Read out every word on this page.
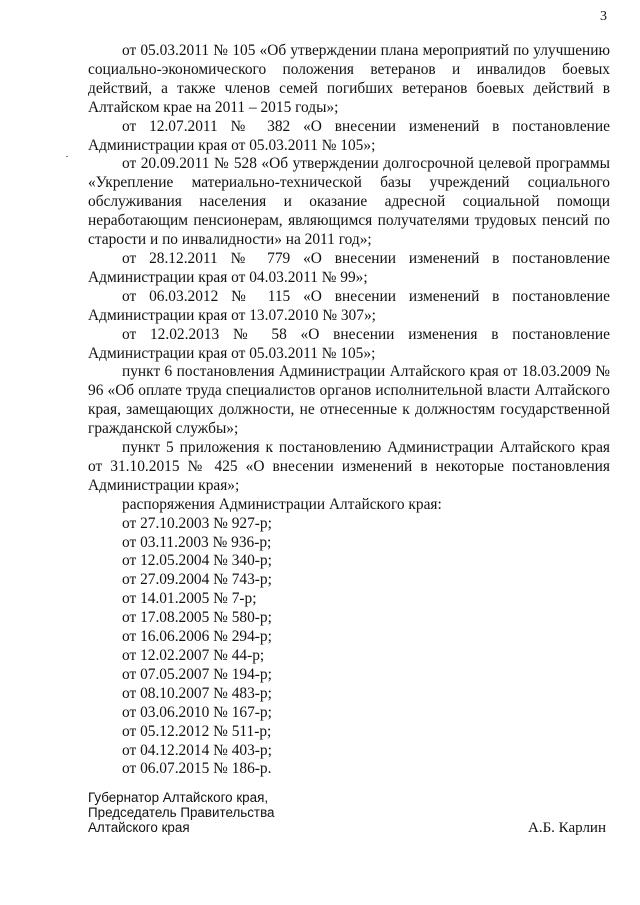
3

от 05.03.2011 № 105 «Об утверждении плана мероприятий по улучшению социально-экономического положения ветеранов и инвалидов боевых действий, а также членов семей погибших ветеранов боевых действий в Алтайском крае на 2011 – 2015 годы»;

от 12.07.2011 № 382 «О внесении изменений в постановление Администрации края от 05.03.2011 № 105»;

от 20.09.2011 № 528 «Об утверждении долгосрочной целевой программы «Укрепление материально-технической базы учреждений социального обслуживания населения и оказание адресной социальной помощи неработающим пенсионерам, являющимся получателями трудовых пенсий по старости и по инвалидности» на 2011 год»;

от 28.12.2011 № 779 «О внесении изменений в постановление Администрации края от 04.03.2011 № 99»;

от 06.03.2012 № 115 «О внесении изменений в постановление Администрации края от 13.07.2010 № 307»;

от 12.02.2013 № 58 «О внесении изменения в постановление Администрации края от 05.03.2011 № 105»;

пункт 6 постановления Администрации Алтайского края от 18.03.2009 № 96 «Об оплате труда специалистов органов исполнительной власти Алтайского края, замещающих должности, не отнесенные к должностям государственной гражданской службы»;

пункт 5 приложения к постановлению Администрации Алтайского края от 31.10.2015 № 425 «О внесении изменений в некоторые постановления Администрации края»;

распоряжения Администрации Алтайского края:

от 27.10.2003 № 927-р;
от 03.11.2003 № 936-р;
от 12.05.2004 № 340-р;
от 27.09.2004 № 743-р;
от 14.01.2005 № 7-р;
от 17.08.2005 № 580-р;
от 16.06.2006 № 294-р;
от 12.02.2007 № 44-р;
от 07.05.2007 № 194-р;
от 08.10.2007 № 483-р;
от 03.06.2010 № 167-р;
от 05.12.2012 № 511-р;
от 04.12.2014 № 403-р;
от 06.07.2015 № 186-р.
Губернатор Алтайского края,
Председатель Правительства
Алтайского края	А.Б. Карлин
